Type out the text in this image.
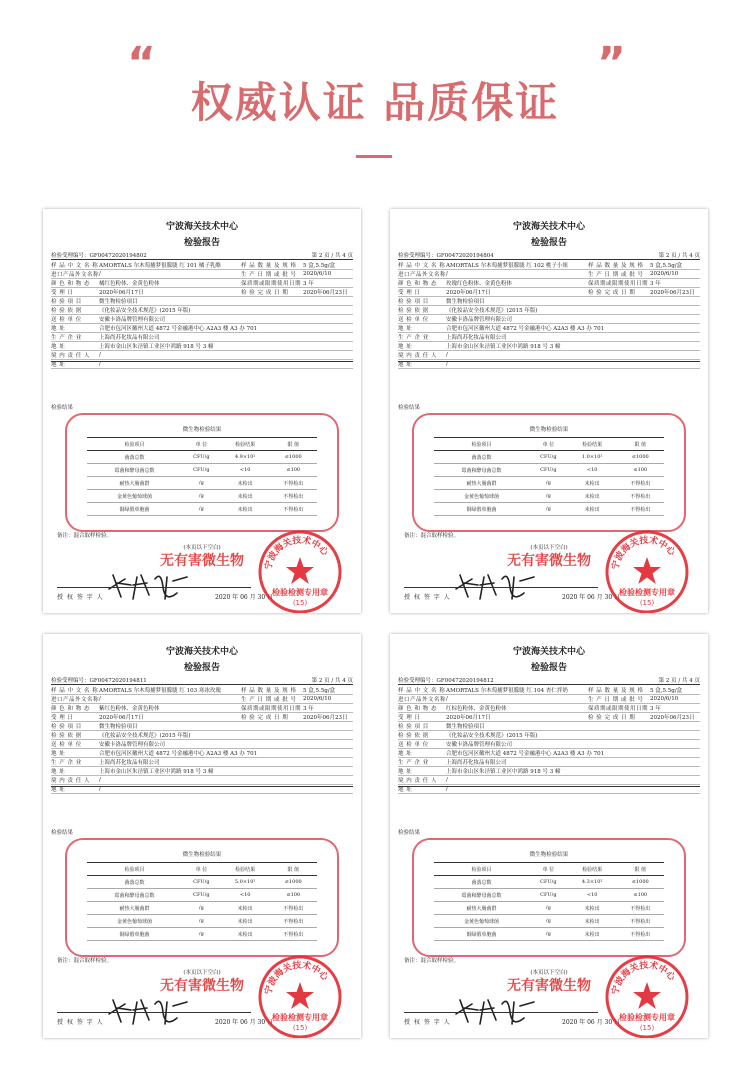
“	”
权威认证 品质保证
宁波海关技术中心
检验报告
检验受理编号：GF00472020194802	第 2 页 / 共 4 页
样 品 中 文 名 称 AMORTALS 尔木萄捕梦很朦胧 红 101 橘子乳酪	样 品 数 量 及 规 格	5 盒,5.5g/盒
进口产品外文名称 /	生 产 日 期 或 批 号	2020/6/10
颜 色 和 物 态	橘红色粉体、金黄色粉体	保质期或限期使用日期 3 年
受 理 日	2020年06月17日	检 验 完 成 日 期	2020年06月23日
检 验 项 目	微生物检验项目
检 验 依 据	《化妆品安全技术规范》(2015 年版)
送 检 单 位	安徽卡洛品牌管理有限公司
地 址	合肥市包河区徽州大道 4872 号金融港中心 A2A3 楼 A3 办 701
生 产 企 业	上海尚苏化妆品有限公司
地 址	上海市金山区朱泾镇工业区中鸿路 918 号 3 幢
境 内 责 任 人	/
地 址	/
检验结果
微生物检验结果
检验项目	单 位	检验结果	限 值
菌落总数	CFU/g	4.9×10²	≤1000
霉菌和酵母菌总数	CFU/g	<10	≤100
耐热大肠菌群	/g	未检出	不得检出
金黄色葡萄球菌	/g	未检出	不得检出
铜绿假单胞菌	/g	未检出	不得检出
备注：混合取样检验。
(本页以下空白)
无有害微生物
授 权 签 字 人	2020 年 06 月 30 日
宁波海关技术中心
检验检测专用章
(15)
宁波海关技术中心
检验报告
检验受理编号：GF00472020194804	第 2 页 / 共 4 页
样 品 中 文 名 称 AMORTALS 尔木萄捕梦很朦胧 红 102 桃子小姐	样 品 数 量 及 规 格	5 盒,5.5g/盒
进口产品外文名称 /	生 产 日 期 或 批 号	2020/6/10
颜 色 和 物 态	玫瑰红色粉体、金黄色粉体	保质期或限期使用日期 3 年
受 理 日	2020年06月17日	检 验 完 成 日 期	2020年06月23日
检 验 项 目	微生物检验项目
检 验 依 据	《化妆品安全技术规范》(2015 年版)
送 检 单 位	安徽卡洛品牌管理有限公司
地 址	合肥市包河区徽州大道 4872 号金融港中心 A2A3 楼 A3 办 701
生 产 企 业	上海尚苏化妆品有限公司
地 址	上海市金山区朱泾镇工业区中鸿路 918 号 3 幢
境 内 责 任 人	/
地 址	/
检验结果
微生物检验结果
检验项目	单 位	检验结果	限 值
菌落总数	CFU/g	1.0×10²	≤1000
霉菌和酵母菌总数	CFU/g	<10	≤100
耐热大肠菌群	/g	未检出	不得检出
金黄色葡萄球菌	/g	未检出	不得检出
铜绿假单胞菌	/g	未检出	不得检出
备注：混合取样检验。
(本页以下空白)
无有害微生物
授 权 签 字 人	2020 年 06 月 30 日
宁波海关技术中心
检验检测专用章
(15)
宁波海关技术中心
检验报告
检验受理编号：GF00472020194811	第 2 页 / 共 4 页
样 品 中 文 名 称 AMORTALS 尔木萄捕梦很朦胧 红 103 寒冰玫瑰	样 品 数 量 及 规 格	5 盒,5.5g/盒
进口产品外文名称 /	生 产 日 期 或 批 号	2020/6/10
颜 色 和 物 态	紫红色粉体、金黄色粉体	保质期或限期使用日期 3 年
受 理 日	2020年06月17日	检 验 完 成 日 期	2020年06月23日
检 验 项 目	微生物检验项目
检 验 依 据	《化妆品安全技术规范》(2015 年版)
送 检 单 位	安徽卡洛品牌管理有限公司
地 址	合肥市包河区徽州大道 4872 号金融港中心 A2A3 楼 A3 办 701
生 产 企 业	上海尚苏化妆品有限公司
地 址	上海市金山区朱泾镇工业区中鸿路 918 号 3 幢
境 内 责 任 人	/
地 址	/
检验结果
微生物检验结果
检验项目	单 位	检验结果	限 值
菌落总数	CFU/g	5.0×10²	≤1000
霉菌和酵母菌总数	CFU/g	<10	≤100
耐热大肠菌群	/g	未检出	不得检出
金黄色葡萄球菌	/g	未检出	不得检出
铜绿假单胞菌	/g	未检出	不得检出
备注：混合取样检验。
(本页以下空白)
无有害微生物
授 权 签 字 人	2020 年 06 月 30 日
宁波海关技术中心
检验检测专用章
(15)
宁波海关技术中心
检验报告
检验受理编号：GF00472020194812	第 2 页 / 共 4 页
样 品 中 文 名 称 AMORTALS 尔木萄捕梦很朦胧 红 104 杏仁拌奶	样 品 数 量 及 规 格	5 盒,5.5g/盒
进口产品外文名称 /	生 产 日 期 或 批 号	2020/6/10
颜 色 和 物 态	红棕色粉体、金黄色粉体	保质期或限期使用日期 3 年
受 理 日	2020年06月17日	检 验 完 成 日 期	2020年06月23日
检 验 项 目	微生物检验项目
检 验 依 据	《化妆品安全技术规范》(2015 年版)
送 检 单 位	安徽卡洛品牌管理有限公司
地 址	合肥市包河区徽州大道 4872 号金融港中心 A2A3 楼 A3 办 701
生 产 企 业	上海尚苏化妆品有限公司
地 址	上海市金山区朱泾镇工业区中鸿路 918 号 3 幢
境 内 责 任 人	/
地 址	/
检验结果
微生物检验结果
检验项目	单 位	检验结果	限 值
菌落总数	CFU/g	4.3×10²	≤1000
霉菌和酵母菌总数	CFU/g	<10	≤100
耐热大肠菌群	/g	未检出	不得检出
金黄色葡萄球菌	/g	未检出	不得检出
铜绿假单胞菌	/g	未检出	不得检出
备注：混合取样检验。
(本页以下空白)
无有害微生物
授 权 签 字 人	2020 年 06 月 30 日
宁波海关技术中心
检验检测专用章
(15)
